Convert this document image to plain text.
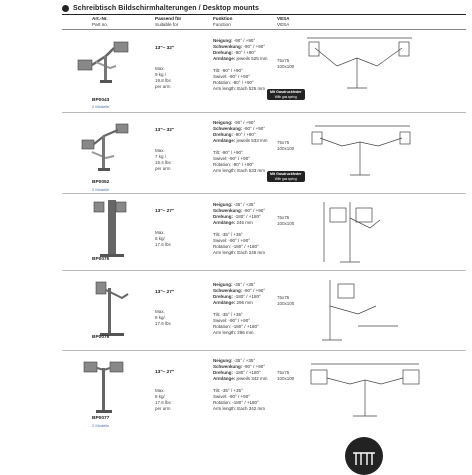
Schreibtisch Bildschirmhalterungen / Desktop mounts
Art.-Nr.
Part no.
Passend für
Suitable for
Funktion
Function
VESA
VESA
BP0043
2 Modelle
13"– 32"
Max.
9 kg /
19.8 lbs
per arm
Neigung: -90° / +90°
Schwenkung: -90° / +90°
Drehung: -90° / +90°
Armlänge: jeweils 525 mm
Tilt: -90° / +90°
Swivel: -90° / +90°
Rotation: -90° / +90°
Arm length: Each 525 mm
75x75
100x100
Mit Gasdruckfeder
With gas spring
BP0052
2 Modelle
13"– 32"
Max.
7 kg /
15.4 lbs
per arm
Neigung: -90° / +90°
Schwenkung: -90° / +90°
Drehung: -90° / +90°
Armlänge: jeweils 533 mm
Tilt: -90° / +90°
Swivel: -90° / +90°
Rotation: -90° / +90°
Arm length: Each 533 mm
75x75
100x100
Mit Gasdruckfeder
With gas spring
BP0075
13"– 27"
Max.
8 kg/
17.6 lbs
Neigung: -35° / +35°
Schwenkung: -90° / +90°
Drehung: -180° / +180°
Armlänge: 246 mm
Tilt: -35° / +35°
Swivel: -90° / +90°
Rotation: -180° / +180°
Arm length: Each 246 mm
75x75
100x100
BP0076
13"– 27"
Max.
8 kg/
17.6 lbs
Neigung: -35° / +35°
Schwenkung: -90° / +90°
Drehung: -180° / +180°
Armlänge: 296 mm
Tilt: -35° / +35°
Swivel: -90° / +90°
Rotation: -180° / +180°
Arm length: 296 mm
75x75
100x100
BP0077
2 Modelle
13"– 27"
Max.
8 kg/
17.6 lbs
per arm
Neigung: -35° / +35°
Schwenkung: -90° / +90°
Drehung: -180° / +180°
Armlänge: jeweils 342 mm
Tilt: -35° / +35°
Swivel: -90° / +90°
Rotation: -180° / +180°
Arm length: Each 342 mm
75x75
100x100
